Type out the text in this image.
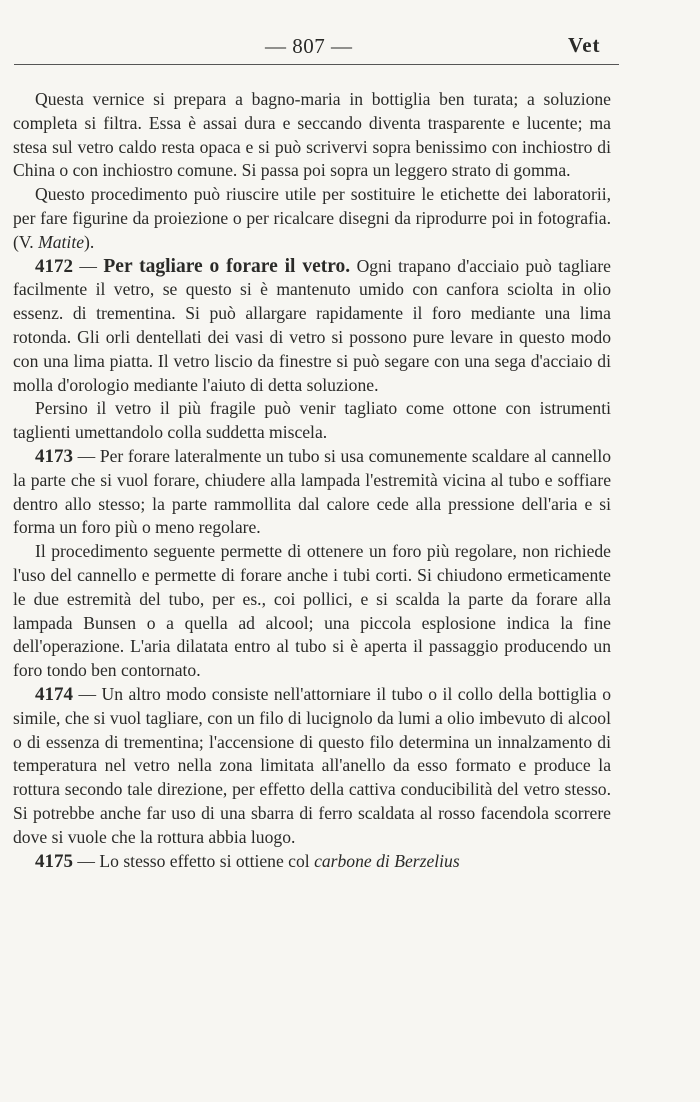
— 807 —	Vet

Questa vernice si prepara a bagno-maria in bottiglia ben turata; a soluzione completa si filtra. Essa è assai dura e seccando diventa trasparente e lucente; ma stesa sul vetro caldo resta opaca e si può scrivervi sopra benissimo con inchiostro di China o con inchiostro comune. Si passa poi sopra un leggero strato di gomma.

Questo procedimento può riuscire utile per sostituire le etichette dei laboratorii, per fare figurine da proiezione o per ricalcare disegni da riprodurre poi in fotografia. (V. Matite).

4172 — Per tagliare o forare il vetro. Ogni trapano d'acciaio può tagliare facilmente il vetro, se questo si è mantenuto umido con canfora sciolta in olio essenz. di trementina. Si può allargare rapidamente il foro mediante una lima rotonda. Gli orli dentellati dei vasi di vetro si possono pure levare in questo modo con una lima piatta. Il vetro liscio da finestre si può segare con una sega d'acciaio di molla d'orologio mediante l'aiuto di detta soluzione.

Persino il vetro il più fragile può venir tagliato come ottone con istrumenti taglienti umettandolo colla suddetta miscela.

4173 — Per forare lateralmente un tubo si usa comunemente scaldare al cannello la parte che si vuol forare, chiudere alla lampada l'estremità vicina al tubo e soffiare dentro allo stesso; la parte rammollita dal calore cede alla pressione dell'aria e si forma un foro più o meno regolare.

Il procedimento seguente permette di ottenere un foro più regolare, non richiede l'uso del cannello e permette di forare anche i tubi corti. Si chiudono ermeticamente le due estremità del tubo, per es., coi pollici, e si scalda la parte da forare alla lampada Bunsen o a quella ad alcool; una piccola esplosione indica la fine dell'operazione. L'aria dilatata entro al tubo si è aperta il passaggio producendo un foro tondo ben contornato.

4174 — Un altro modo consiste nell'attorniare il tubo o il collo della bottiglia o simile, che si vuol tagliare, con un filo di lucignolo da lumi a olio imbevuto di alcool o di essenza di trementina; l'accensione di questo filo determina un innalzamento di temperatura nel vetro nella zona limitata all'anello da esso formato e produce la rottura secondo tale direzione, per effetto della cattiva conducibilità del vetro stesso. Si potrebbe anche far uso di una sbarra di ferro scaldata al rosso facendola scorrere dove si vuole che la rottura abbia luogo.

4175 — Lo stesso effetto si ottiene col carbone di Berzelius
